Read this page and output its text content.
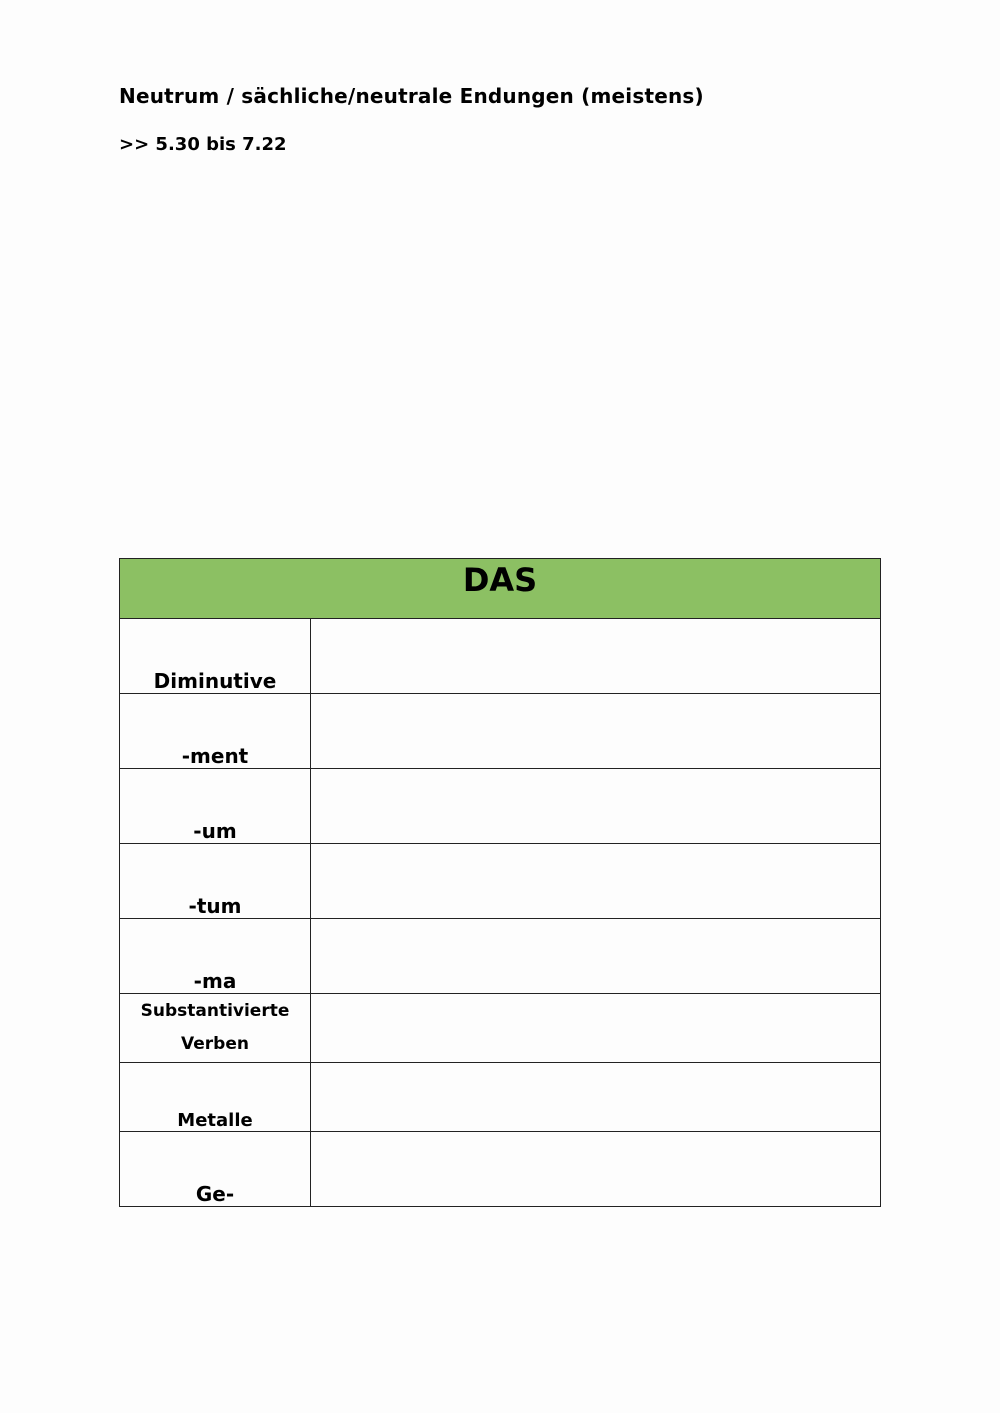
Neutrum / sächliche/neutrale Endungen (meistens)
>> 5.30 bis 7.22
DAS	
Diminutive	
-ment	
-um	
-tum	
-ma	
Substantivierte
Verben	
Metalle	
Ge-	
